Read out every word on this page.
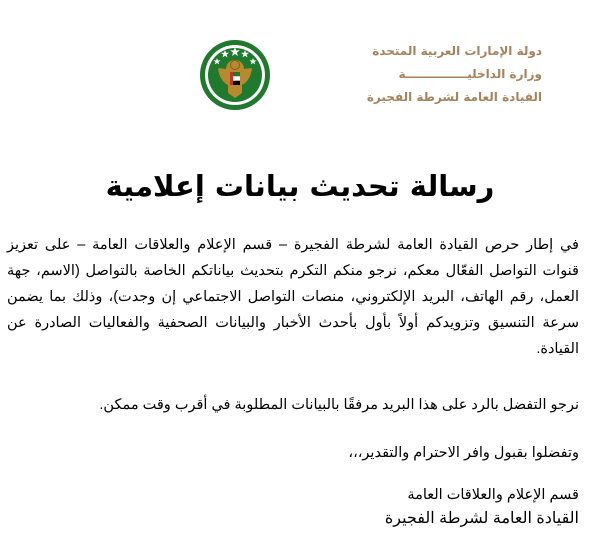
دولة الإمارات العربية المتحدة
وزارة الداخليـــــــــــــــة
القيادة العامة لشرطة الفجيرة
رسالة تحديث بيانات إعلامية
في إطار حرص القيادة العامة لشرطة الفجيرة – قسم الإعلام والعلاقات العامة – على تعزيز قنوات التواصل الفعّال معكم، نرجو منكم التكرم بتحديث بياناتكم الخاصة بالتواصل (الاسم، جهة العمل، رقم الهاتف، البريد الإلكتروني، منصات التواصل الاجتماعي إن وجدت)، وذلك بما يضمن سرعة التنسيق وتزويدكم أولاً بأول بأحدث الأخبار والبيانات الصحفية والفعاليات الصادرة عن القيادة.
نرجو التفضل بالرد على هذا البريد مرفقًا بالبيانات المطلوبة في أقرب وقت ممكن.
وتفضلوا بقبول وافر الاحترام والتقدير،،،
قسم الإعلام والعلاقات العامة
القيادة العامة لشرطة الفجيرة
